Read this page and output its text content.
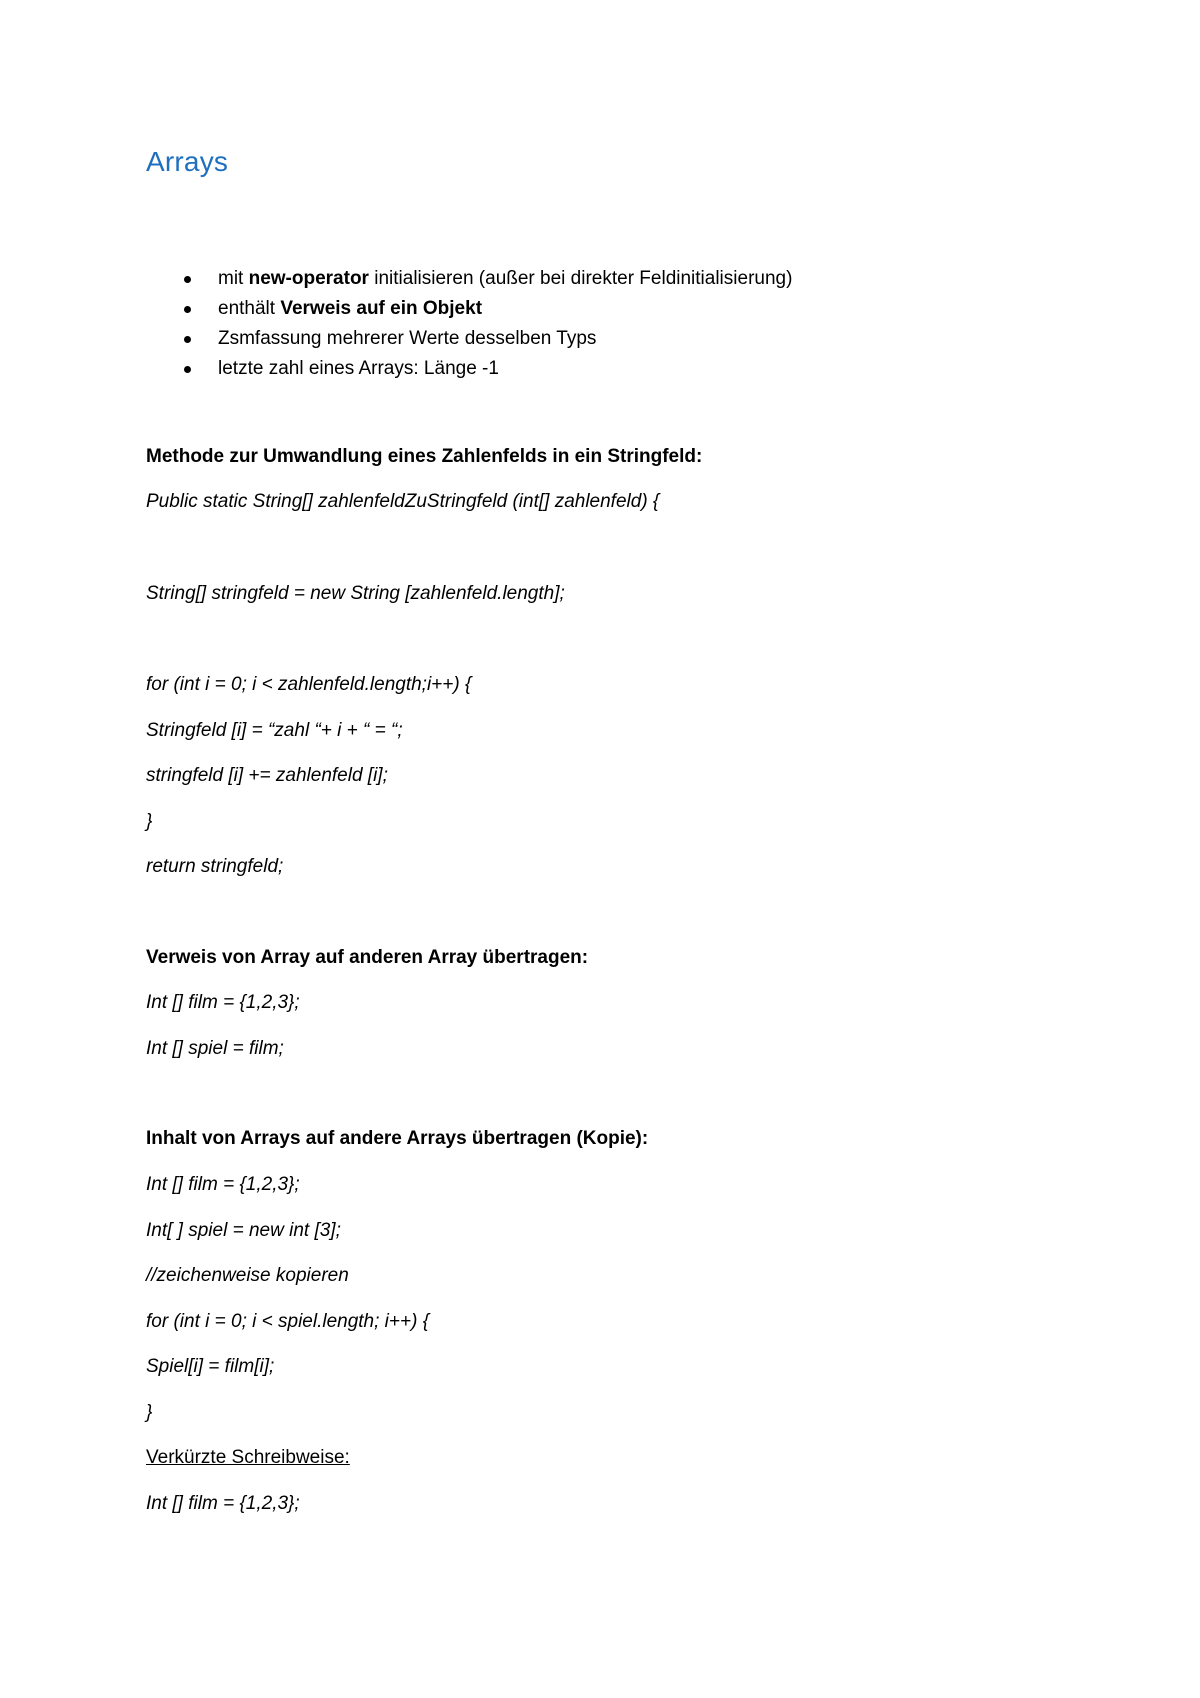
Arrays
mit new-operator initialisieren (außer bei direkter Feldinitialisierung)
enthält Verweis auf ein Objekt
Zsmfassung mehrerer Werte desselben Typs
letzte zahl eines Arrays: Länge -1

Methode zur Umwandlung eines Zahlenfelds in ein Stringfeld:

Public static String[] zahlenfeldZuStringfeld (int[] zahlenfeld) {

String[] stringfeld = new String [zahlenfeld.length];

for (int i = 0; i < zahlenfeld.length;i++) {

Stringfeld [i] = “zahl “+ i + “ = “;

stringfeld [i] += zahlenfeld [i];

}

return stringfeld;

Verweis von Array auf anderen Array übertragen:

Int [] film = {1,2,3};

Int [] spiel = film;

Inhalt von Arrays auf andere Arrays übertragen (Kopie):

Int [] film = {1,2,3};

Int[ ] spiel = new int [3];

//zeichenweise kopieren

for (int i = 0; i < spiel.length; i++) {

Spiel[i] = film[i];

}

Verkürzte Schreibweise:

Int [] film = {1,2,3};
